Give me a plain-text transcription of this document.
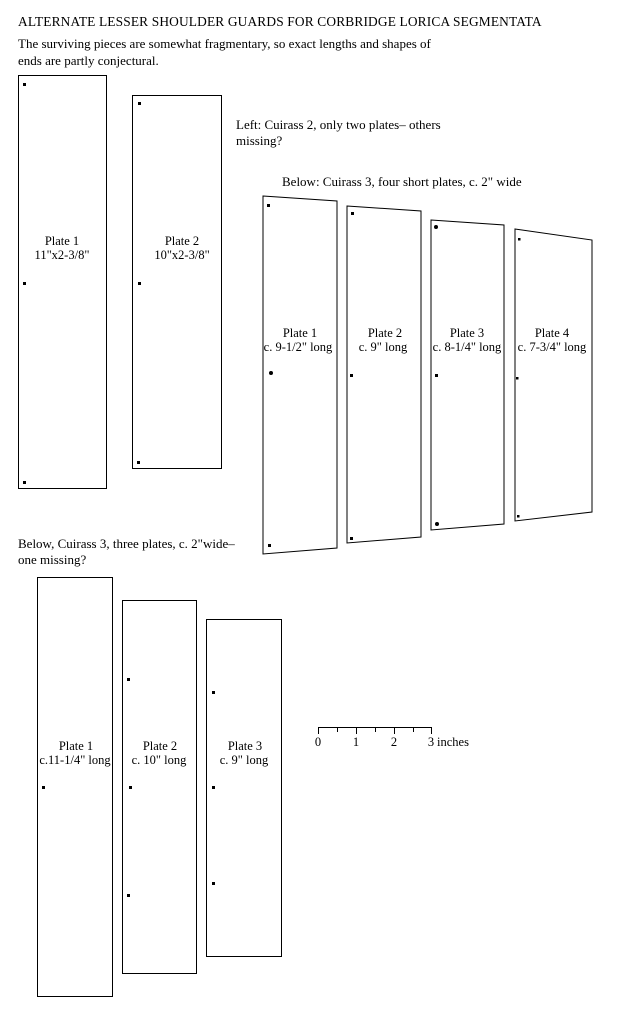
ALTERNATE LESSER SHOULDER GUARDS FOR CORBRIDGE LORICA SEGMENTATA
The surviving pieces are somewhat fragmentary, so exact lengths and shapes of ends are partly conjectural.
Left: Cuirass 2, only two plates– others missing?
Below: Cuirass 3, four short plates, c. 2" wide
Below, Cuirass 3, three plates, c. 2"wide–one missing?
Plate 1
11"x2-3/8"
Plate 2
10"x2-3/8"
Plate 1
c. 9-1/2" long
Plate 2
c. 9" long
Plate 3
c. 8-1/4" long
Plate 4
c. 7-3/4" long
Plate 1
c.11-1/4" long
Plate 2
c. 10" long
Plate 3
c. 9" long
0	1	2 3 inches
